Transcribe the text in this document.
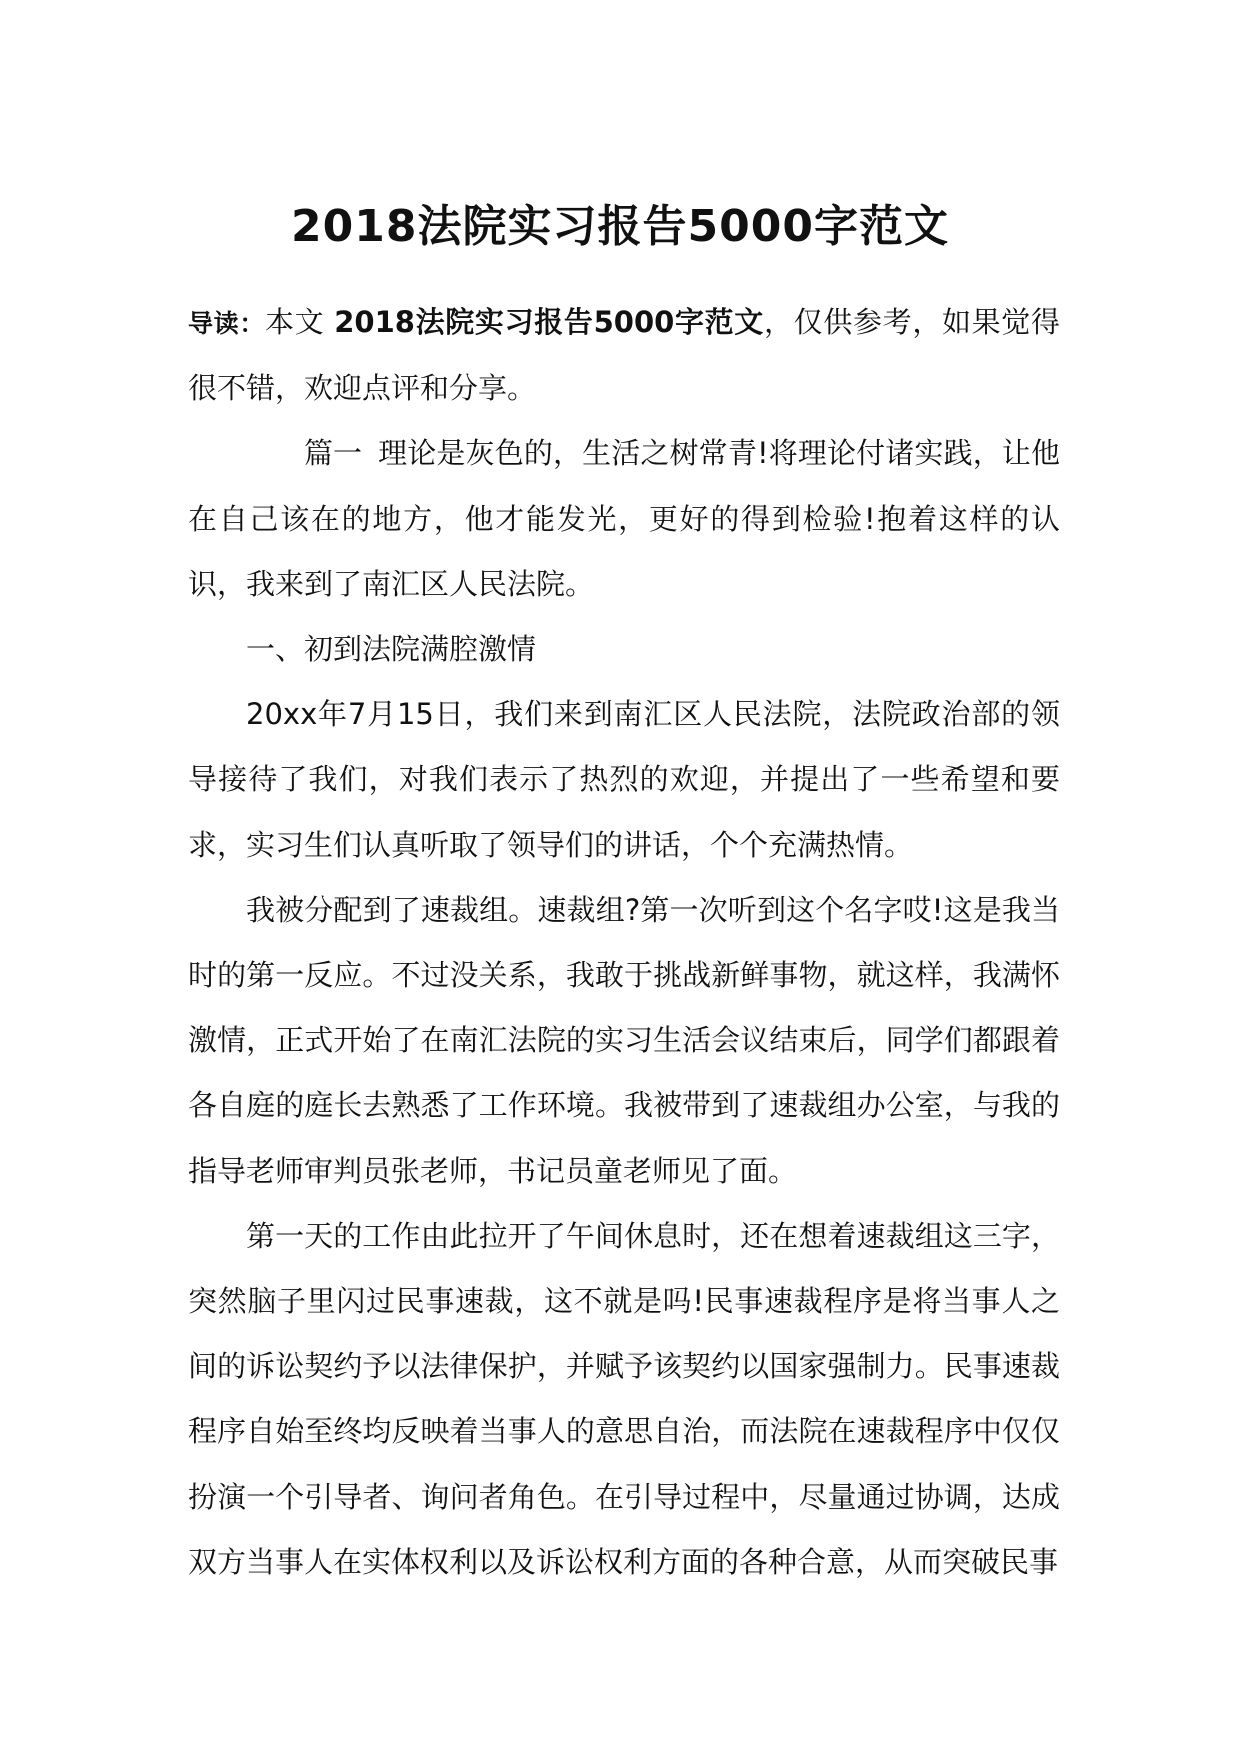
2018法院实习报告5000字范文

导读：本文 2018法院实习报告5000字范文，仅供参考，如果觉得很不错，欢迎点评和分享。

篇一 理论是灰色的，生活之树常青!将理论付诸实践，让他在自己该在的地方，他才能发光，更好的得到检验!抱着这样的认识，我来到了南汇区人民法院。

一、初到法院满腔激情

20xx年7月15日，我们来到南汇区人民法院，法院政治部的领导接待了我们，对我们表示了热烈的欢迎，并提出了一些希望和要求，实习生们认真听取了领导们的讲话，个个充满热情。

我被分配到了速裁组。速裁组?第一次听到这个名字哎!这是我当时的第一反应。不过没关系，我敢于挑战新鲜事物，就这样，我满怀激情，正式开始了在南汇法院的实习生活会议结束后，同学们都跟着各自庭的庭长去熟悉了工作环境。我被带到了速裁组办公室，与我的指导老师审判员张老师，书记员童老师见了面。

第一天的工作由此拉开了午间休息时，还在想着速裁组这三字，突然脑子里闪过民事速裁，这不就是吗!民事速裁程序是将当事人之间的诉讼契约予以法律保护，并赋予该契约以国家强制力。民事速裁程序自始至终均反映着当事人的意思自治，而法院在速裁程序中仅仅扮演一个引导者、询问者角色。在引导过程中，尽量通过协调，达成双方当事人在实体权利以及诉讼权利方面的各种合意，从而突破民事
